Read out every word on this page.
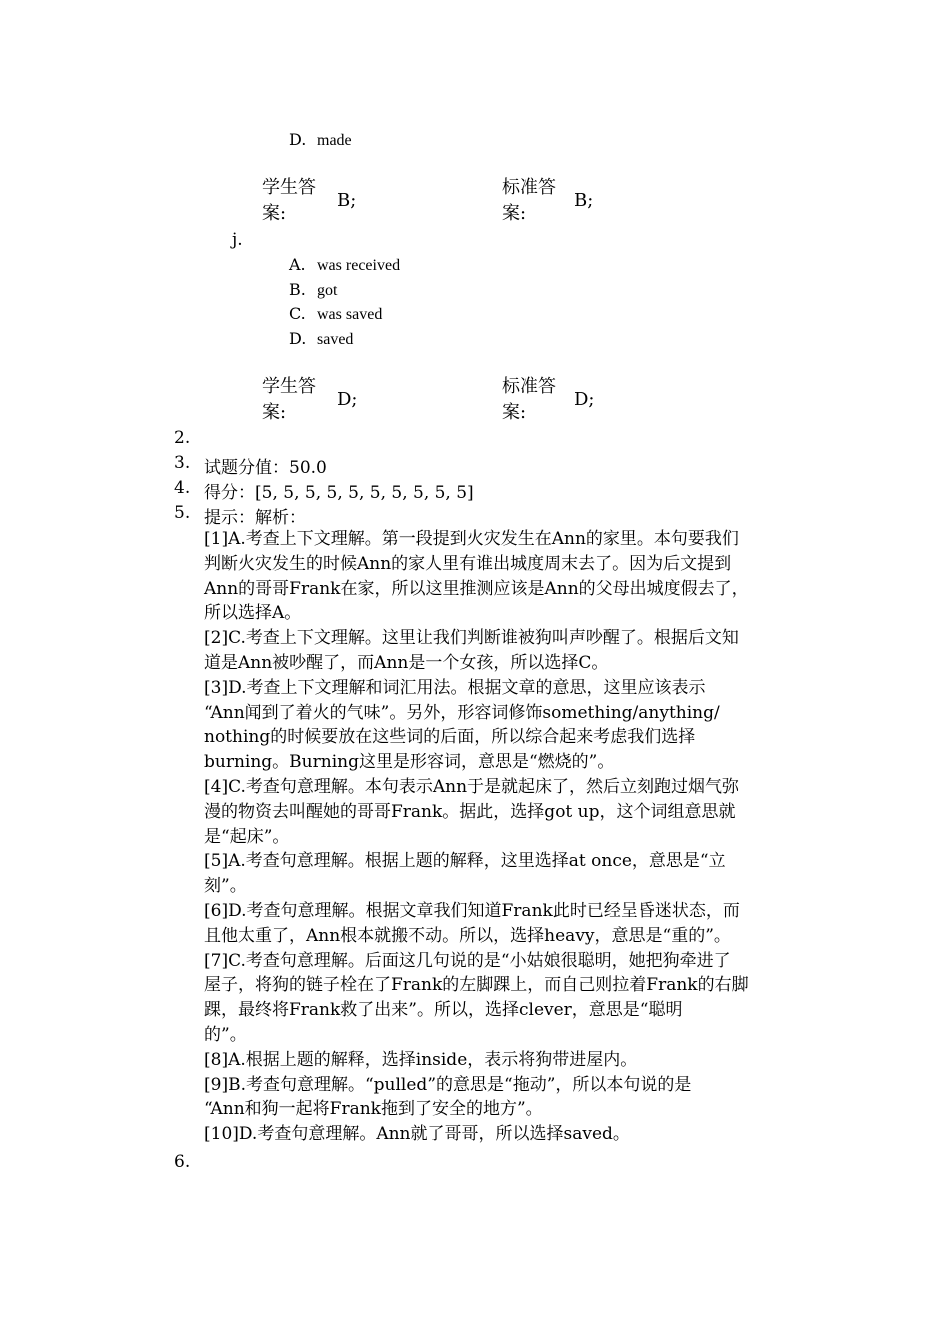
D. made
学生答案:
B;
标准答案:
B;
j.
A. was received
B. got
C. was saved
D. saved
学生答案:
D;
标准答案:
D;
2.
3. 试题分值：50.0
4. 得分：[5, 5, 5, 5, 5, 5, 5, 5, 5, 5]
5. 提示：解析：
[1]A.考查上下文理解。第一段提到火灾发生在Ann的家里。本句要我们
判断火灾发生的时候Ann的家人里有谁出城度周末去了。因为后文提到
Ann的哥哥Frank在家，所以这里推测应该是Ann的父母出城度假去了，
所以选择A。
[2]C.考查上下文理解。这里让我们判断谁被狗叫声吵醒了。根据后文知
道是Ann被吵醒了，而Ann是一个女孩，所以选择C。
[3]D.考查上下文理解和词汇用法。根据文章的意思，这里应该表示
“Ann闻到了着火的气味”。另外，形容词修饰something/anything/
nothing的时候要放在这些词的后面，所以综合起来考虑我们选择
burning。Burning这里是形容词，意思是“燃烧的”。
[4]C.考查句意理解。本句表示Ann于是就起床了，然后立刻跑过烟气弥
漫的物资去叫醒她的哥哥Frank。据此，选择got up，这个词组意思就
是“起床”。
[5]A.考查句意理解。根据上题的解释，这里选择at once，意思是“立
刻”。
[6]D.考查句意理解。根据文章我们知道Frank此时已经呈昏迷状态，而
且他太重了，Ann根本就搬不动。所以，选择heavy，意思是“重的”。
[7]C.考查句意理解。后面这几句说的是“小姑娘很聪明，她把狗牵进了
屋子，将狗的链子栓在了Frank的左脚踝上，而自己则拉着Frank的右脚
踝，最终将Frank救了出来”。所以，选择clever，意思是“聪明
的”。
[8]A.根据上题的解释，选择inside，表示将狗带进屋内。
[9]B.考查句意理解。“pulled”的意思是“拖动”，所以本句说的是
“Ann和狗一起将Frank拖到了安全的地方”。
[10]D.考查句意理解。Ann就了哥哥，所以选择saved。
6.
